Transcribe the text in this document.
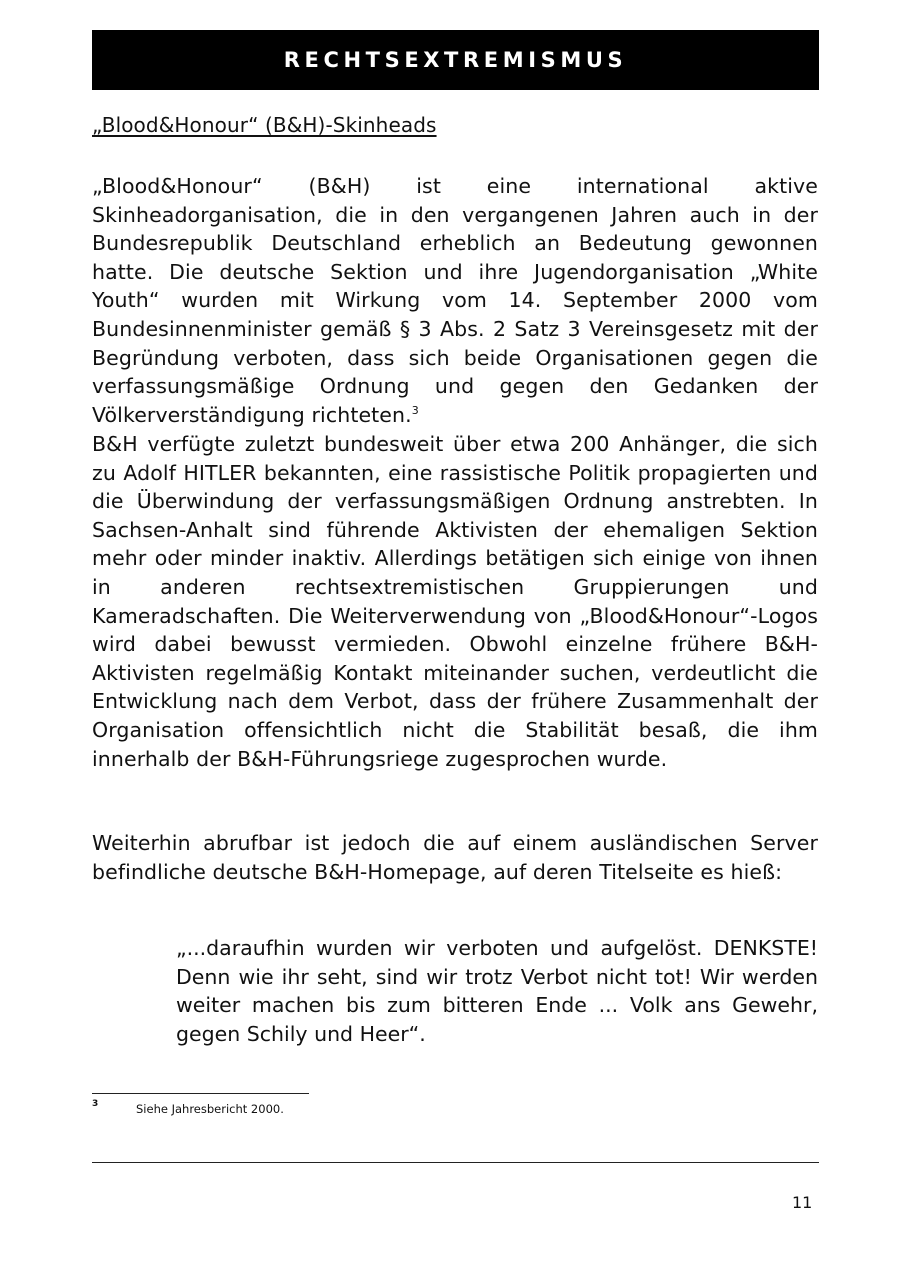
RECHTSEXTREMISMUS
„Blood&Honour“ (B&H)-Skinheads
„Blood&Honour“ (B&H) ist eine international aktive Skinheadorganisation, die in den vergangenen Jahren auch in der Bundesrepublik Deutschland erheblich an Bedeutung gewonnen hatte. Die deutsche Sektion und ihre Jugendorganisation „White Youth“ wurden mit Wirkung vom 14. September 2000 vom Bundesinnenminister gemäß § 3 Abs. 2 Satz 3 Vereinsgesetz mit der Begründung verboten, dass sich beide Organisationen gegen die verfassungsmäßige Ordnung und gegen den Gedanken der Völkerverständigung richteten.$^3$
B&H verfügte zuletzt bundesweit über etwa 200 Anhänger, die sich zu Adolf HITLER bekannten, eine rassistische Politik propagierten und die Überwindung der verfassungsmäßigen Ordnung anstrebten. In Sachsen-Anhalt sind führende Aktivisten der ehemaligen Sektion mehr oder minder inaktiv. Allerdings betätigen sich einige von ihnen in anderen rechtsextremistischen Gruppierungen und Kameradschaften. Die Weiterverwendung von „Blood&Honour“-Logos wird dabei bewusst vermieden. Obwohl einzelne frühere B&H-Aktivisten regelmäßig Kontakt miteinander suchen, verdeutlicht die Entwicklung nach dem Verbot, dass der frühere Zusammenhalt der Organisation offensichtlich nicht die Stabilität besaß, die ihm innerhalb der B&H-Führungsriege zugesprochen wurde.
Weiterhin abrufbar ist jedoch die auf einem ausländischen Server befindliche deutsche B&H-Homepage, auf deren Titelseite es hieß:
„...daraufhin wurden wir verboten und aufgelöst. DENKSTE! Denn wie ihr seht, sind wir trotz Verbot nicht tot! Wir werden weiter machen bis zum bitteren Ende ... Volk ans Gewehr, gegen Schily und Heer“.
3	Siehe Jahresbericht 2000.
11
